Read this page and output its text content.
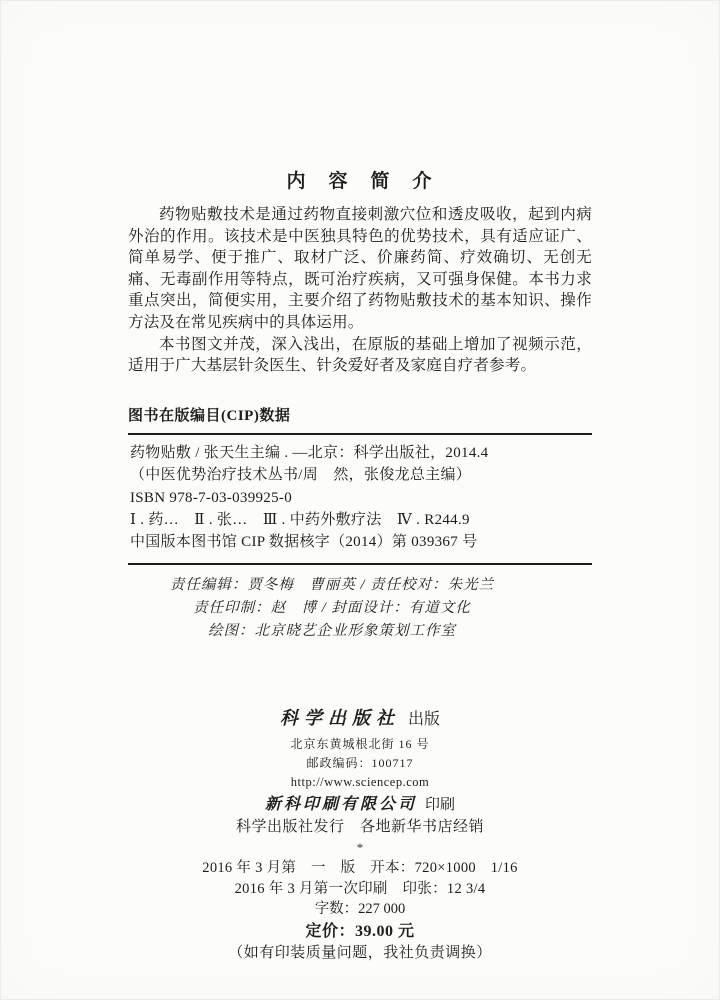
内　容　简　介

药物贴敷技术是通过药物直接刺激穴位和透皮吸收，起到内病外治的作用。该技术是中医独具特色的优势技术，具有适应证广、简单易学、便于推广、取材广泛、价廉药简、疗效确切、无创无痛、无毒副作用等特点，既可治疗疾病，又可强身保健。本书力求重点突出，简便实用，主要介绍了药物贴敷技术的基本知识、操作方法及在常见疾病中的具体运用。

本书图文并茂，深入浅出，在原版的基础上增加了视频示范，适用于广大基层针灸医生、针灸爱好者及家庭自疗者参考。

图书在版编目(CIP)数据

药物贴敷 / 张天生主编 . —北京：科学出版社，2014.4

（中医优势治疗技术丛书/周　然，张俊龙总主编）

ISBN 978-7-03-039925-0

Ⅰ . 药…　Ⅱ . 张…　Ⅲ . 中药外敷疗法　Ⅳ . R244.9

中国版本图书馆 CIP 数据核字（2014）第 039367 号

责任编辑：贾冬梅　曹丽英 / 责任校对：朱光兰
责任印制：赵　博 / 封面设计：有道文化
绘图：北京晓艺企业形象策划工作室
科学出版社 出版
北京东黄城根北街 16 号
邮政编码：100717
http://www.sciencep.com
新科印刷有限公司 印刷
科学出版社发行　各地新华书店经销
*
2016 年 3 月第　一　版　开本：720×1000　1/16
2016 年 3 月第一次印刷　印张：12 3/4
字数：227 000
定价：39.00 元
（如有印装质量问题，我社负责调换）
